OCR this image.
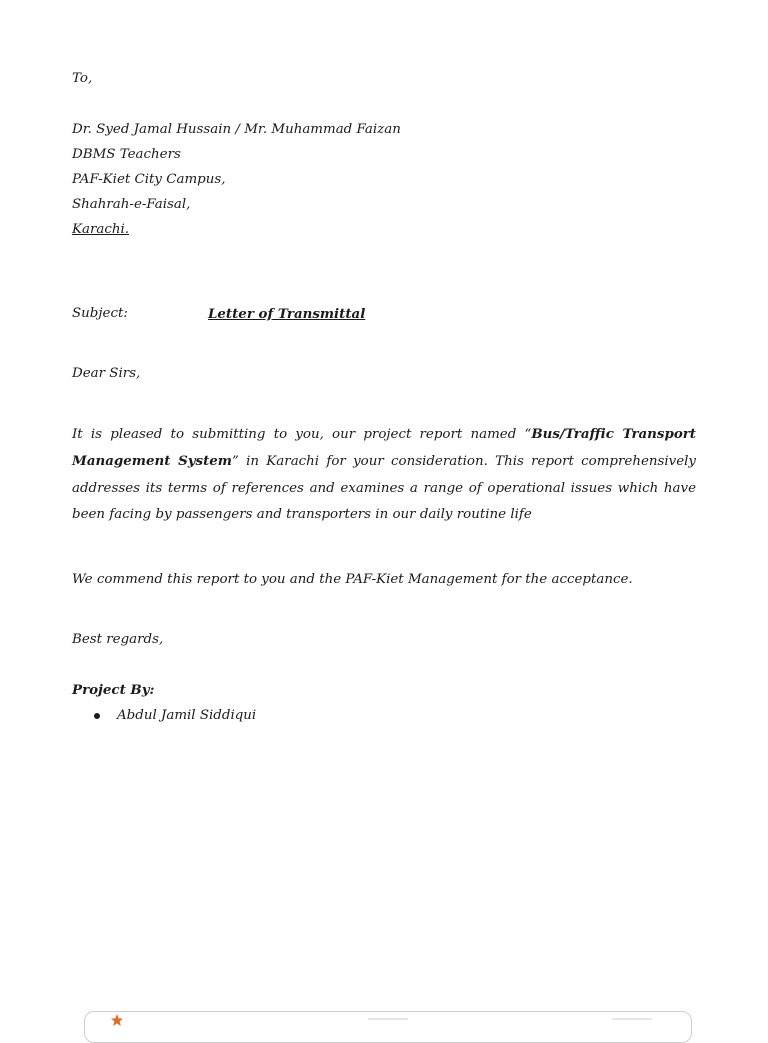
To,
Dr. Syed Jamal Hussain / Mr. Muhammad Faizan
DBMS Teachers
PAF-Kiet City Campus,
Shahrah-e-Faisal,
Karachi.
Subject:	Letter of Transmittal
Dear Sirs,
It is pleased to submitting to you, our project report named “Bus/Traffic Transport Management System” in Karachi for your consideration. This report comprehensively addresses its terms of references and examines a range of operational issues which have been facing by passengers and transporters in our daily routine life
We commend this report to you and the PAF-Kiet Management for the acceptance.
Best regards,
Project By:
Abdul Jamil Siddiqui
